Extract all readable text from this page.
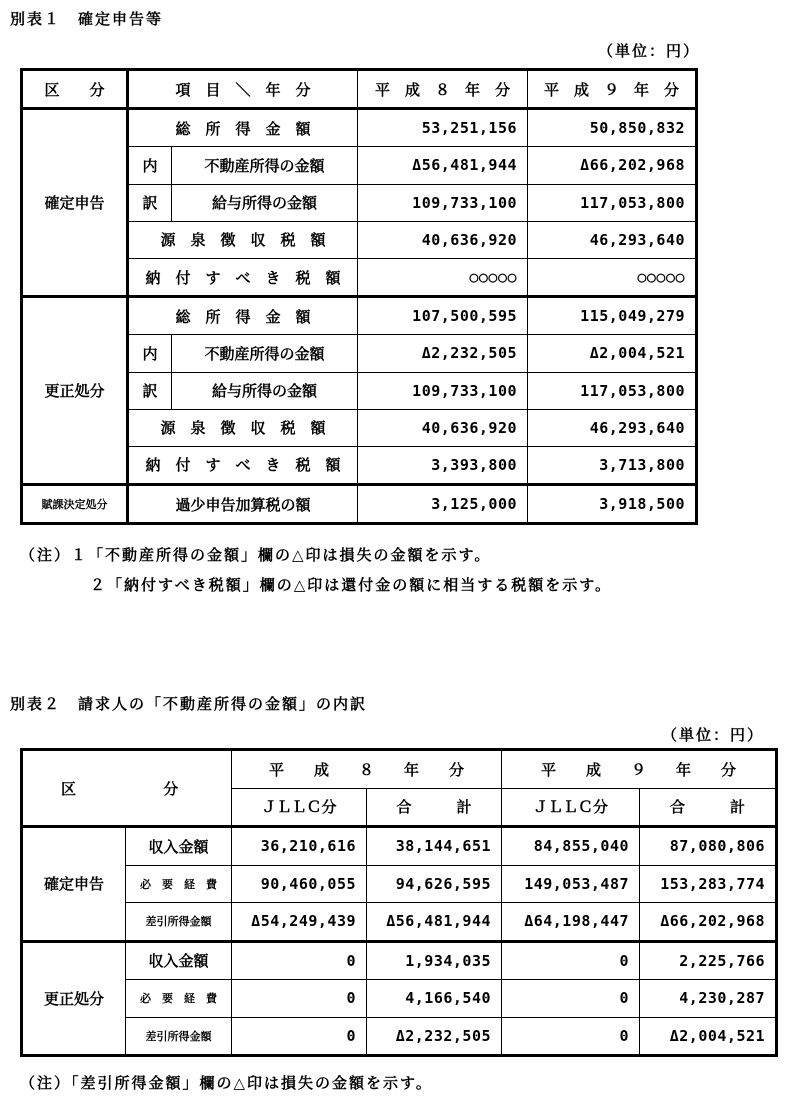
別表１　確定申告等
（単位：円）
区　　分	項　目　＼　年　分		平　成　８　年　分	平　成　９　年　分
確定申告	総　所　得　金　額		53,251,156	50,850,832
	内	不動産所得の金額	Δ56,481,944	Δ66,202,968
	訳	給与所得の金額	109,733,100	117,053,800
	源　泉　徴　収　税　額		40,636,920	46,293,640
	納　付　す　べ　き　税　額		○○○○○	○○○○○
更正処分	総　所　得　金　額		107,500,595	115,049,279
	内	不動産所得の金額	Δ2,232,505	Δ2,004,521
	訳	給与所得の金額	109,733,100	117,053,800
	源　泉　徴　収　税　額		40,636,920	46,293,640
	納　付　す　べ　き　税　額		3,393,800	3,713,800
賦課決定処分	過少申告加算税の額		3,125,000	3,918,500
（注）１「不動産所得の金額」欄の△印は損失の金額を示す。
２「納付すべき税額」欄の△印は還付金の額に相当する税額を示す。
別表２　請求人の「不動産所得の金額」の内訳
（単位：円）
区 分		平　　成　　８　　年　　分		平　　成　　９　　年　　分	
		ＪＬＬＣ分	合　　　計	ＪＬＬＣ分	合　　　計
確定申告	収入金額	36,210,616	38,144,651	84,855,040	87,080,806
	必　要　経　費	90,460,055	94,626,595	149,053,487	153,283,774
	差引所得金額	Δ54,249,439	Δ56,481,944	Δ64,198,447	Δ66,202,968
更正処分	収入金額	0	1,934,035	0	2,225,766
	必　要　経　費	0	4,166,540	0	4,230,287
	差引所得金額	0	Δ2,232,505	0	Δ2,004,521
（注）「差引所得金額」欄の△印は損失の金額を示す。
